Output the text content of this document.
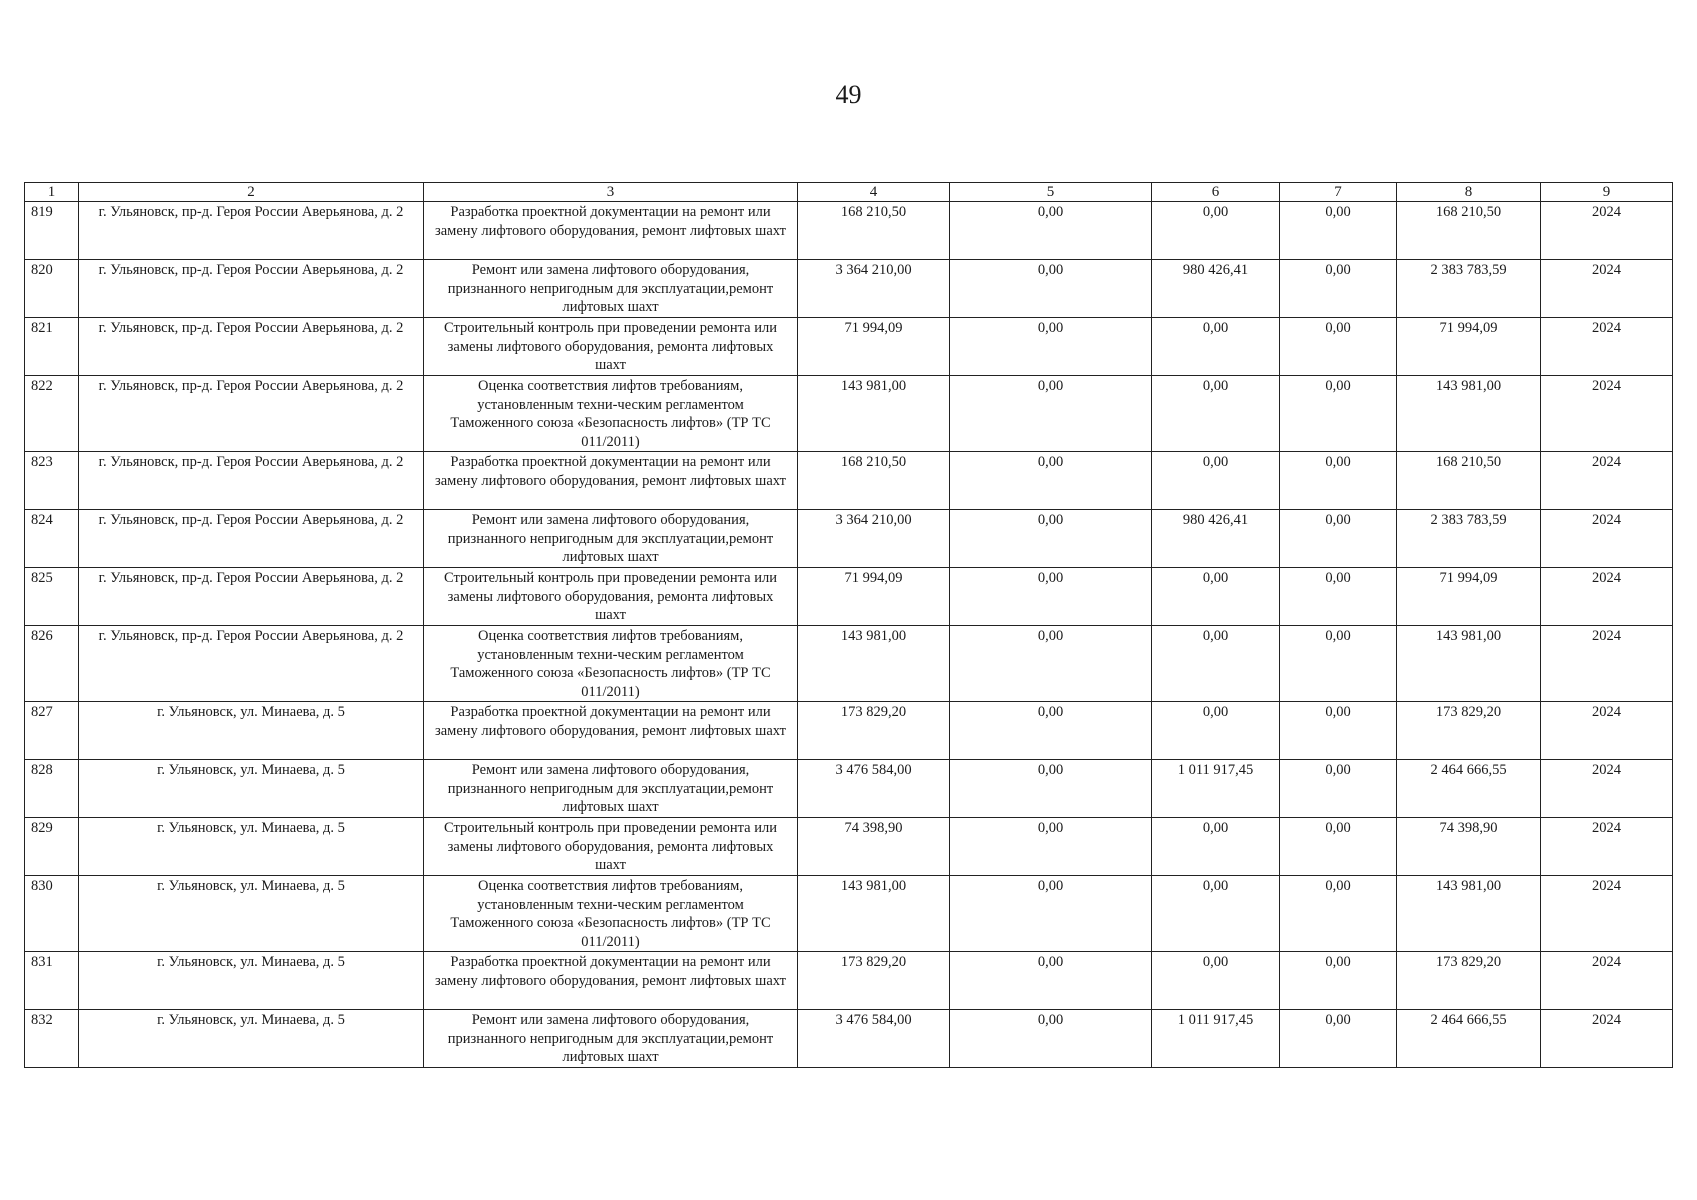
49
1	2	3	4	5	6	7	8	9
819	г. Ульяновск, пр-д. Героя России Аверьянова, д. 2	Разработка проектной документации на ремонт или замену лифтового оборудования, ремонт лифтовых шахт	168 210,50	0,00	0,00	0,00	168 210,50	2024
820	г. Ульяновск, пр-д. Героя России Аверьянова, д. 2	Ремонт или замена лифтового оборудования, признанного непригодным для эксплуатации,ремонт лифтовых шахт	3 364 210,00	0,00	980 426,41	0,00	2 383 783,59	2024
821	г. Ульяновск, пр-д. Героя России Аверьянова, д. 2	Строительный контроль при проведении ремонта или замены лифтового оборудования, ремонта лифтовых шахт	71 994,09	0,00	0,00	0,00	71 994,09	2024
822	г. Ульяновск, пр-д. Героя России Аверьянова, д. 2	Оценка соответствия лифтов требованиям, установленным техни-ческим регламентом Таможенного союза «Безопасность лифтов» (ТР ТС 011/2011)	143 981,00	0,00	0,00	0,00	143 981,00	2024
823	г. Ульяновск, пр-д. Героя России Аверьянова, д. 2	Разработка проектной документации на ремонт или замену лифтового оборудования, ремонт лифтовых шахт	168 210,50	0,00	0,00	0,00	168 210,50	2024
824	г. Ульяновск, пр-д. Героя России Аверьянова, д. 2	Ремонт или замена лифтового оборудования, признанного непригодным для эксплуатации,ремонт лифтовых шахт	3 364 210,00	0,00	980 426,41	0,00	2 383 783,59	2024
825	г. Ульяновск, пр-д. Героя России Аверьянова, д. 2	Строительный контроль при проведении ремонта или замены лифтового оборудования, ремонта лифтовых шахт	71 994,09	0,00	0,00	0,00	71 994,09	2024
826	г. Ульяновск, пр-д. Героя России Аверьянова, д. 2	Оценка соответствия лифтов требованиям, установленным техни-ческим регламентом Таможенного союза «Безопасность лифтов» (ТР ТС 011/2011)	143 981,00	0,00	0,00	0,00	143 981,00	2024
827	г. Ульяновск, ул. Минаева, д. 5	Разработка проектной документации на ремонт или замену лифтового оборудования, ремонт лифтовых шахт	173 829,20	0,00	0,00	0,00	173 829,20	2024
828	г. Ульяновск, ул. Минаева, д. 5	Ремонт или замена лифтового оборудования, признанного непригодным для эксплуатации,ремонт лифтовых шахт	3 476 584,00	0,00	1 011 917,45	0,00	2 464 666,55	2024
829	г. Ульяновск, ул. Минаева, д. 5	Строительный контроль при проведении ремонта или замены лифтового оборудования, ремонта лифтовых шахт	74 398,90	0,00	0,00	0,00	74 398,90	2024
830	г. Ульяновск, ул. Минаева, д. 5	Оценка соответствия лифтов требованиям, установленным техни-ческим регламентом Таможенного союза «Безопасность лифтов» (ТР ТС 011/2011)	143 981,00	0,00	0,00	0,00	143 981,00	2024
831	г. Ульяновск, ул. Минаева, д. 5	Разработка проектной документации на ремонт или замену лифтового оборудования, ремонт лифтовых шахт	173 829,20	0,00	0,00	0,00	173 829,20	2024
832	г. Ульяновск, ул. Минаева, д. 5	Ремонт или замена лифтового оборудования, признанного непригодным для эксплуатации,ремонт лифтовых шахт	3 476 584,00	0,00	1 011 917,45	0,00	2 464 666,55	2024
